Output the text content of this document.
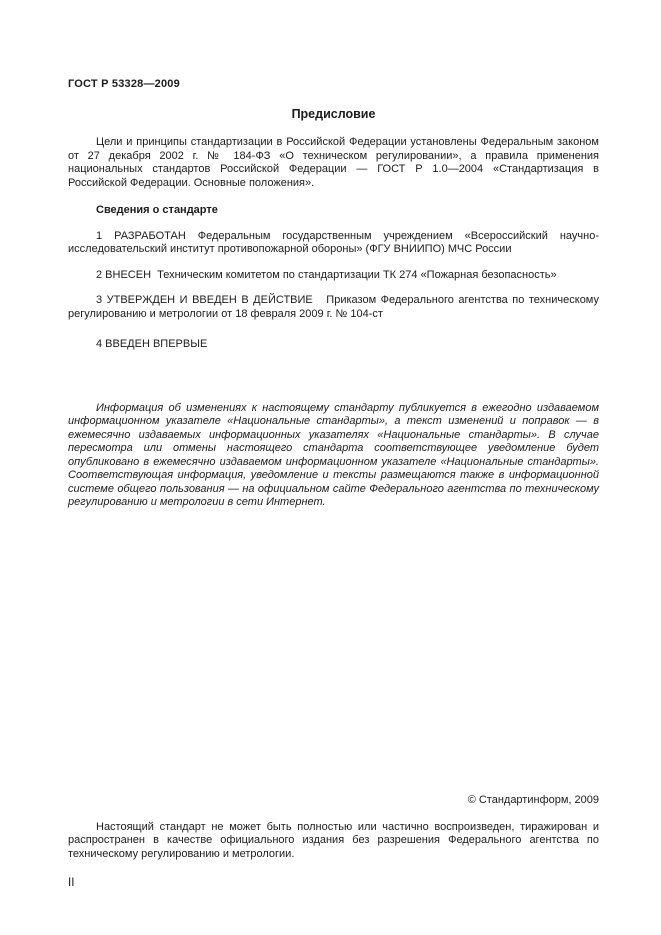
ГОСТ Р 53328—2009
Предисловие

Цели и принципы стандартизации в Российской Федерации установлены Федеральным законом от 27 декабря 2002 г. № 184-ФЗ «О техническом регулировании», а правила применения национальных стандартов Российской Федерации — ГОСТ Р 1.0—2004 «Стандартизация в Российской Федерации. Основные положения».

Сведения о стандарте

1 РАЗРАБОТАН Федеральным государственным учреждением «Всероссийский научно-исследовательский институт противопожарной обороны» (ФГУ ВНИИПО) МЧС России

2 ВНЕСЕН  Техническим комитетом по стандартизации ТК 274 «Пожарная безопасность»

3 УТВЕРЖДЕН И ВВЕДЕН В ДЕЙСТВИЕ   Приказом Федерального агентства по техническому регулированию и метрологии от 18 февраля 2009 г. № 104-ст

4 ВВЕДЕН ВПЕРВЫЕ

Информация об изменениях к настоящему стандарту публикуется в ежегодно издаваемом информационном указателе «Национальные стандарты», а текст изменений и поправок — в ежемесячно издаваемых информационных указателях «Национальные стандарты». В случае пересмотра или отмены настоящего стандарта соответствующее уведомление будет опубликовано в ежемесячно издаваемом информационном указателе «Национальные стандарты». Соответствующая информация, уведомление и тексты размещаются также в информационной системе общего пользования — на официальном сайте Федерального агентства по техническому регулированию и метрологии в сети Интернет.

© Стандартинформ, 2009

Настоящий стандарт не может быть полностью или частично воспроизведен, тиражирован и распространен в качестве официального издания без разрешения Федерального агентства по техническому регулированию и метрологии.

II
